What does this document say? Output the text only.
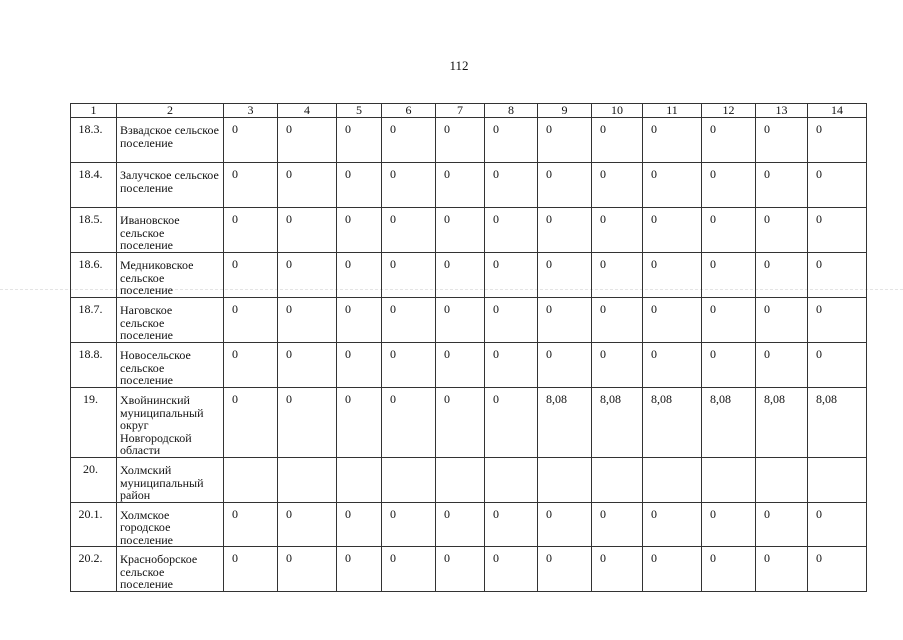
112
1	2	3	4	5	6	7	8	9	10	11	12	13	14
18.3.	Взвадское сельское поселение	0	0	0	0	0	0	0	0	0	0	0	0
18.4.	Залучское сельское поселение	0	0	0	0	0	0	0	0	0	0	0	0
18.5.	Ивановское сельское поселение	0	0	0	0	0	0	0	0	0	0	0	0
18.6.	Медниковское сельское поселение	0	0	0	0	0	0	0	0	0	0	0	0
18.7.	Наговское сельское поселение	0	0	0	0	0	0	0	0	0	0	0	0
18.8.	Новосельское сельское поселение	0	0	0	0	0	0	0	0	0	0	0	0
19.	Хвойнинский муниципальный округ Новгородской области	0	0	0	0	0	0	8,08	8,08	8,08	8,08	8,08	8,08
20.	Холмский муниципальный район												
20.1.	Холмское городское поселение	0	0	0	0	0	0	0	0	0	0	0	0
20.2.	Красноборское сельское поселение	0	0	0	0	0	0	0	0	0	0	0	0
